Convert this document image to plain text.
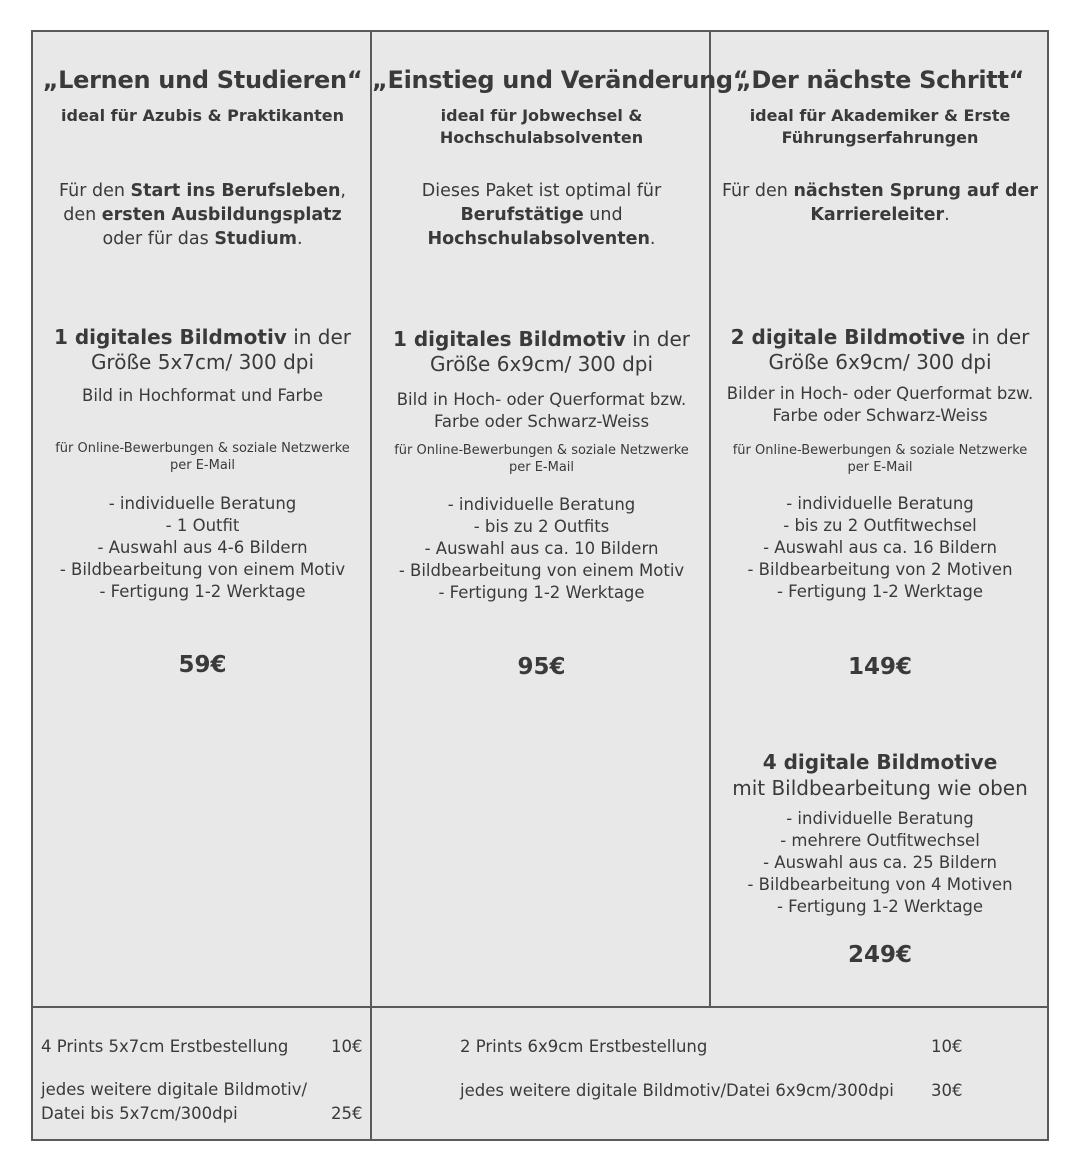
„Lernen und Studieren“
ideal für Azubis & Praktikanten
Für den Start ins Berufsleben,
den ersten Ausbildungsplatz
oder für das Studium.
1 digitales Bildmotiv in der
Größe 5x7cm/ 300 dpi
Bild in Hochformat und Farbe
für Online-Bewerbungen & soziale Netzwerke
per E-Mail
- individuelle Beratung
- 1 Outfit
- Auswahl aus 4-6 Bildern
- Bildbearbeitung von einem Motiv
- Fertigung 1-2 Werktage
59€
„Einstieg und Veränderung“
ideal für Jobwechsel &
Hochschulabsolventen
Dieses Paket ist optimal für
Berufstätige und
Hochschulabsolventen.
1 digitales Bildmotiv in der
Größe 6x9cm/ 300 dpi
Bild in Hoch- oder Querformat bzw.
Farbe oder Schwarz-Weiss
für Online-Bewerbungen & soziale Netzwerke
per E-Mail
- individuelle Beratung
- bis zu 2 Outfits
- Auswahl aus ca. 10 Bildern
- Bildbearbeitung von einem Motiv
- Fertigung 1-2 Werktage
95€
„Der nächste Schritt“
ideal für Akademiker & Erste
Führungserfahrungen
Für den nächsten Sprung auf der
Karriereleiter.
2 digitale Bildmotive in der
Größe 6x9cm/ 300 dpi
Bilder in Hoch- oder Querformat bzw.
Farbe oder Schwarz-Weiss
für Online-Bewerbungen & soziale Netzwerke
per E-Mail
- individuelle Beratung
- bis zu 2 Outfitwechsel
- Auswahl aus ca. 16 Bildern
- Bildbearbeitung von 2 Motiven
- Fertigung 1-2 Werktage
149€
4 digitale Bildmotive
mit Bildbearbeitung wie oben
- individuelle Beratung
- mehrere Outfitwechsel
- Auswahl aus ca. 25 Bildern
- Bildbearbeitung von 4 Motiven
- Fertigung 1-2 Werktage
249€
4 Prints 5x7cm Erstbestellung	10€
jedes weitere digitale Bildmotiv/
Datei bis 5x7cm/300dpi	25€
2 Prints 6x9cm Erstbestellung	10€
jedes weitere digitale Bildmotiv/Datei 6x9cm/300dpi 30€
